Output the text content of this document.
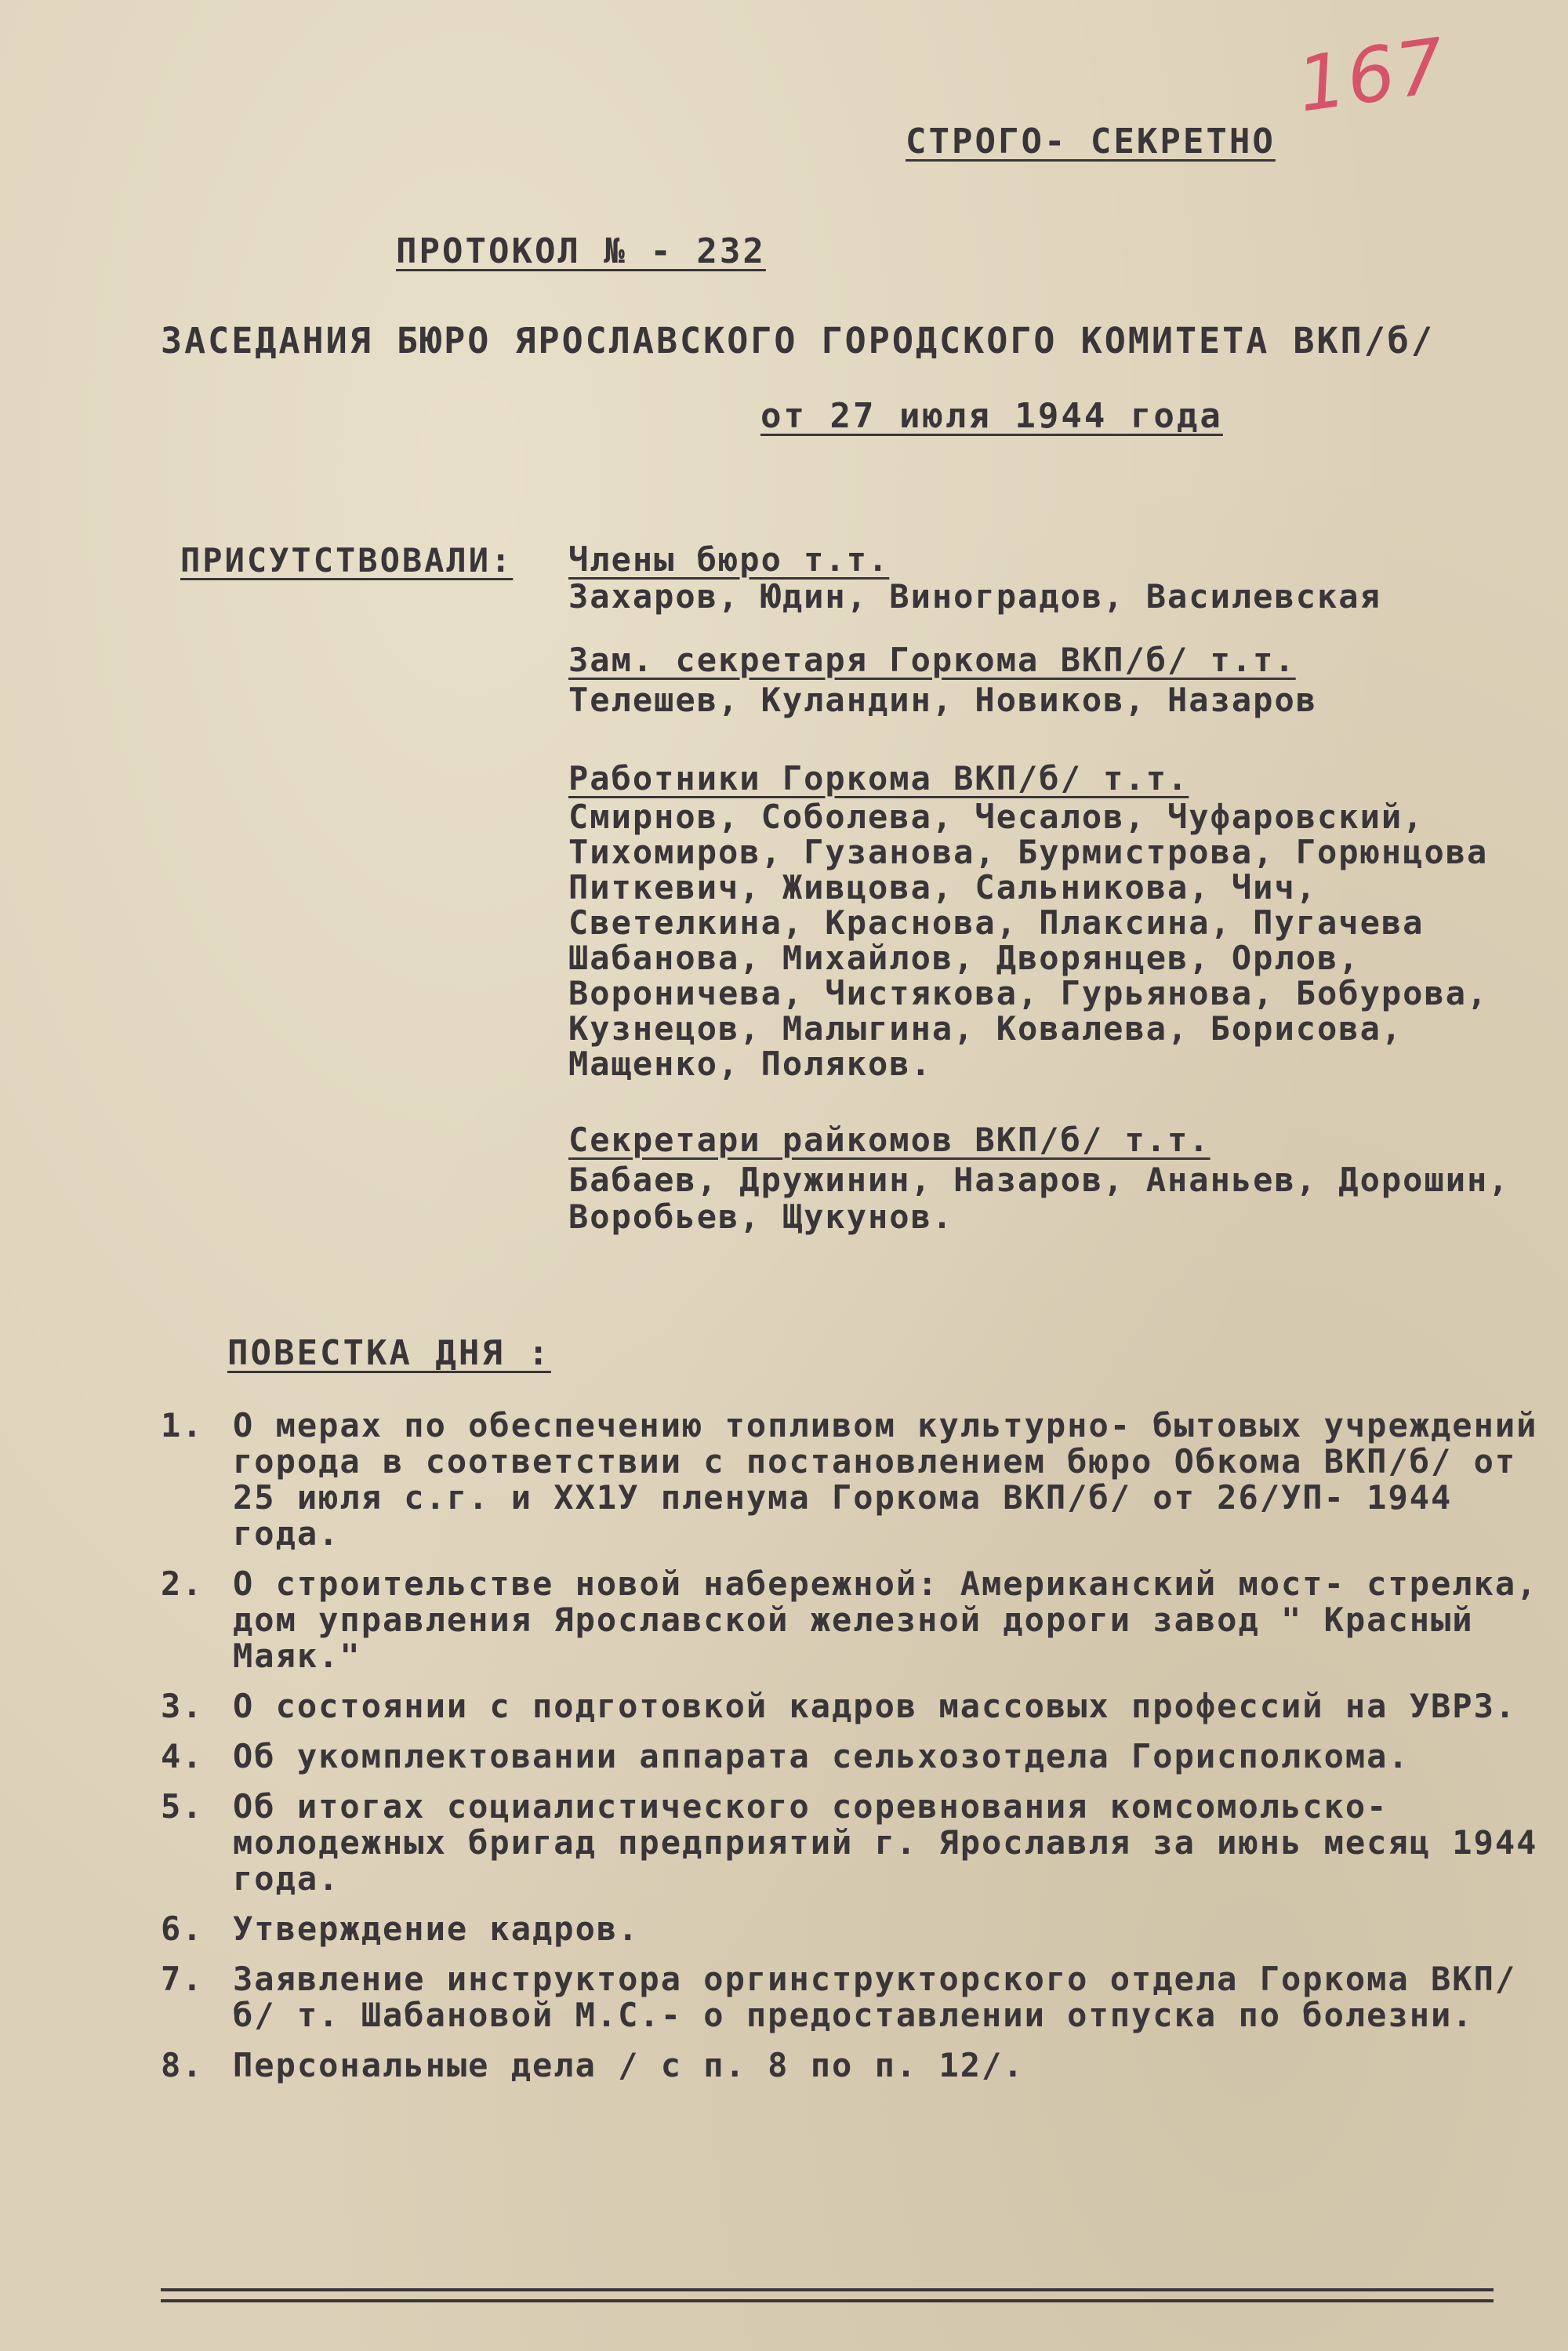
167
СТРОГО- СЕКРЕТНО
ПРОТОКОЛ № - 232
ЗАСЕДАНИЯ БЮРО ЯРОСЛАВСКОГО ГОРОДСКОГО КОМИТЕТА ВКП/б/
от 27 июля 1944 года
ПРИСУТСТВОВАЛИ: Члены бюро т.т.
Захаров, Юдин, Виноградов, Василевская
Зам. секретаря Горкома ВКП/б/ т.т.
Телешев, Куландин, Новиков, Назаров
Работники Горкома ВКП/б/ т.т.
Смирнов, Соболева, Чесалов, Чуфаровский, Тихомиров, Гузанова, Бурмистрова, Горюнцова Питкевич, Живцова, Сальникова, Чич, Светелкина, Краснова, Плаксина, Пугачева Шабанова, Михайлов, Дворянцев, Орлов, Вороничева, Чистякова, Гурьянова, Бобурова, Кузнецов, Малыгина, Ковалева, Борисова, Мащенко, Поляков.
Секретари райкомов ВКП/б/ т.т.
Бабаев, Дружинин, Назаров, Ананьев, Дорошин, Воробьев, Щукунов.
ПОВЕСТКА ДНЯ :
1. О мерах по обеспечению топливом культурно- бытовых учреждений города в соответствии с постановлением бюро Обкома ВКП/б/ от 25 июля с.г. и ХХ1У пленума Горкома ВКП/б/ от 26/УП- 1944 года.
2. О строительстве новой набережной: Американский мост- стрелка, дом управления Ярославской железной дороги завод " Красный Маяк."
3. О состоянии с подготовкой кадров массовых профессий на УВРЗ.
4. Об укомплектовании аппарата сельхозотдела Горисполкома.
5. Об итогах социалистического соревнования комсомольско- молодежных бригад предприятий г. Ярославля за июнь месяц 1944 года.
6. Утверждение кадров.
7. Заявление инструктора оргинструкторского отдела Горкома ВКП/б/ т. Шабановой М.С.- о предоставлении отпуска по болезни.
8. Персональные дела / с п. 8 по п. 12/.
